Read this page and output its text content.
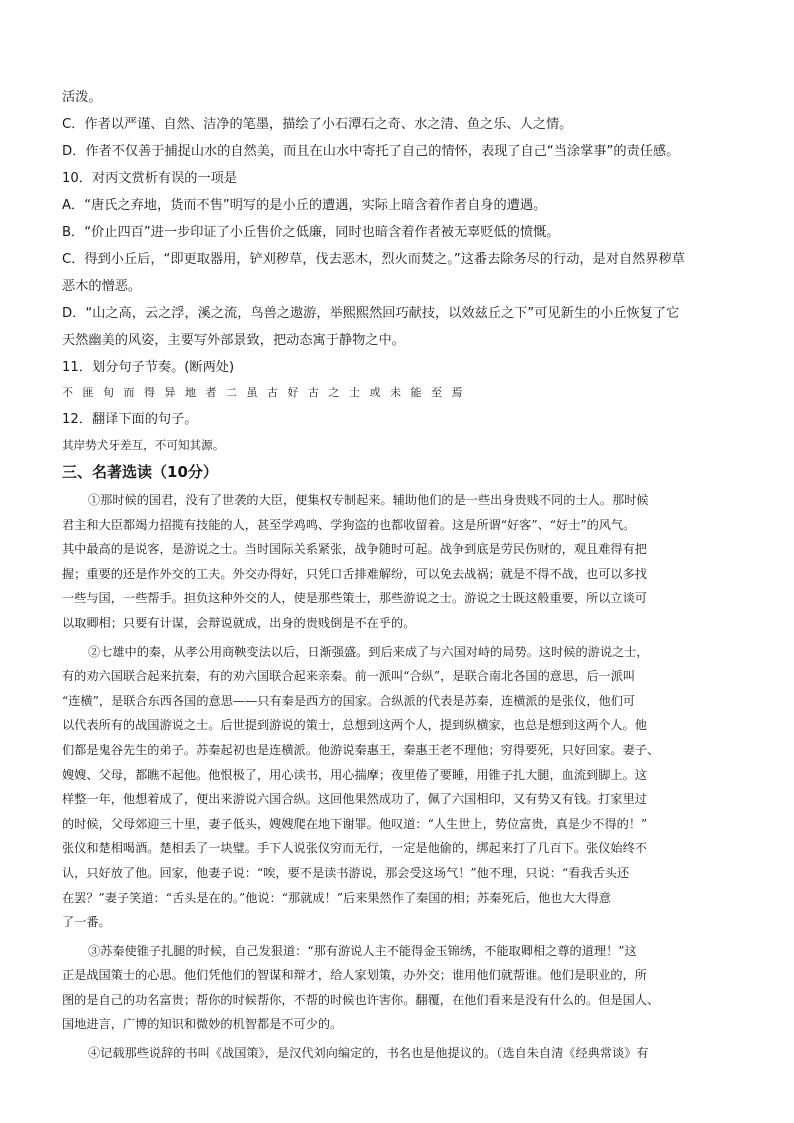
活泼。
C．作者以严谨、自然、洁净的笔墨，描绘了小石潭石之奇、水之清、鱼之乐、人之情。
D．作者不仅善于捕捉山水的自然美，而且在山水中寄托了自己的情怀，表现了自己“当涂掌事”的责任感。
10．对丙文赏析有误的一项是
A．“唐氏之弃地，货而不售”明写的是小丘的遭遇，实际上暗含着作者自身的遭遇。
B．“价止四百”进一步印证了小丘售价之低廉，同时也暗含着作者被无辜贬低的愤慨。
C．得到小丘后，“即更取器用，铲刈秽草，伐去恶木，烈火而焚之。”这番去除务尽的行动，是对自然界秽草
恶木的憎恶。
D．“山之高，云之浮，溪之流，鸟兽之遨游，举熙熙然回巧献技，以效兹丘之下”可见新生的小丘恢复了它
天然幽美的风姿，主要写外部景致，把动态寓于静物之中。
11．划分句子节奏。(断两处)
不匪旬而得异地者二虽古好古之士或未能至焉
12．翻译下面的句子。
其岸势犬牙差互，不可知其源。
三、名著选读（10分）
①那时候的国君，没有了世袭的大臣，便集权专制起来。辅助他们的是一些出身贵贱不同的士人。那时候
君主和大臣都竭力招揽有技能的人，甚至学鸡鸣、学狗盗的也都收留着。这是所谓“好客”、“好士”的风气。
其中最高的是说客，是游说之士。当时国际关系紧张，战争随时可起。战争到底是劳民伤财的，观且难得有把
握；重要的还是作外交的工夫。外交办得好，只凭口舌排难解纷，可以免去战祸；就是不得不战，也可以多找
一些与国，一些帮手。担负这种外交的人，使是那些策士，那些游说之士。游说之士既这般重要，所以立谈可
以取卿相；只要有计谋，会辩说就成，出身的贵贱倒是不在乎的。
②七雄中的秦，从孝公用商鞅变法以后，日渐强盛。到后来成了与六国对峙的局势。这时候的游说之士，
有的劝六国联合起来抗秦，有的劝六国联合起来亲秦。前一派叫“合纵”，是联合南北各国的意思，后一派叫
“连横”，是联合东西各国的意思——只有秦是西方的国家。合纵派的代表是苏秦，连横派的是张仪，他们可
以代表所有的战国游说之士。后世提到游说的策士，总想到这两个人，提到纵横家，也总是想到这两个人。他
们都是鬼谷先生的弟子。苏秦起初也是连横派。他游说秦惠王，秦惠王老不理他；穷得要死，只好回家。妻子、
嫂嫂、父母，都瞧不起他。他恨极了，用心读书，用心揣摩；夜里倦了要睡，用锥子扎大腿，血流到脚上。这
样整一年，他想着成了，便出来游说六国合纵。这回他果然成功了，佩了六国相印，又有势又有钱。打家里过
的时候，父母郊迎三十里，妻子低头，嫂嫂爬在地下谢罪。他叹道：“人生世上，势位富贵，真是少不得的！”
张仪和楚相喝酒。楚相丢了一块璧。手下人说张仪穷而无行，一定是他偷的，绑起来打了几百下。张仪始终不
认，只好放了他。回家，他妻子说：“唉，要不是读书游说，那会受这场气！”他不理，只说：“看我舌头还
在罢？”妻子笑道：“舌头是在的。”他说：“那就成！”后来果然作了秦国的相；苏秦死后，他也大大得意
了一番。
③苏秦使锥子扎腿的时候，自己发狠道：“那有游说人主不能得金玉锦绣，不能取卿相之尊的道理！”这
正是战国策士的心思。他们凭他们的智谋和辩才，给人家划策，办外交；谁用他们就帮谁。他们是职业的，所
图的是自己的功名富贵；帮你的时候帮你，不帮的时候也许害你。翻覆，在他们看来是没有什么的。但是国人、
国地进言，广博的知识和微妙的机智都是不可少的。
④记载那些说辞的书叫《战国策》，是汉代刘向编定的，书名也是他提议的。（选自朱自清《经典常谈》有
